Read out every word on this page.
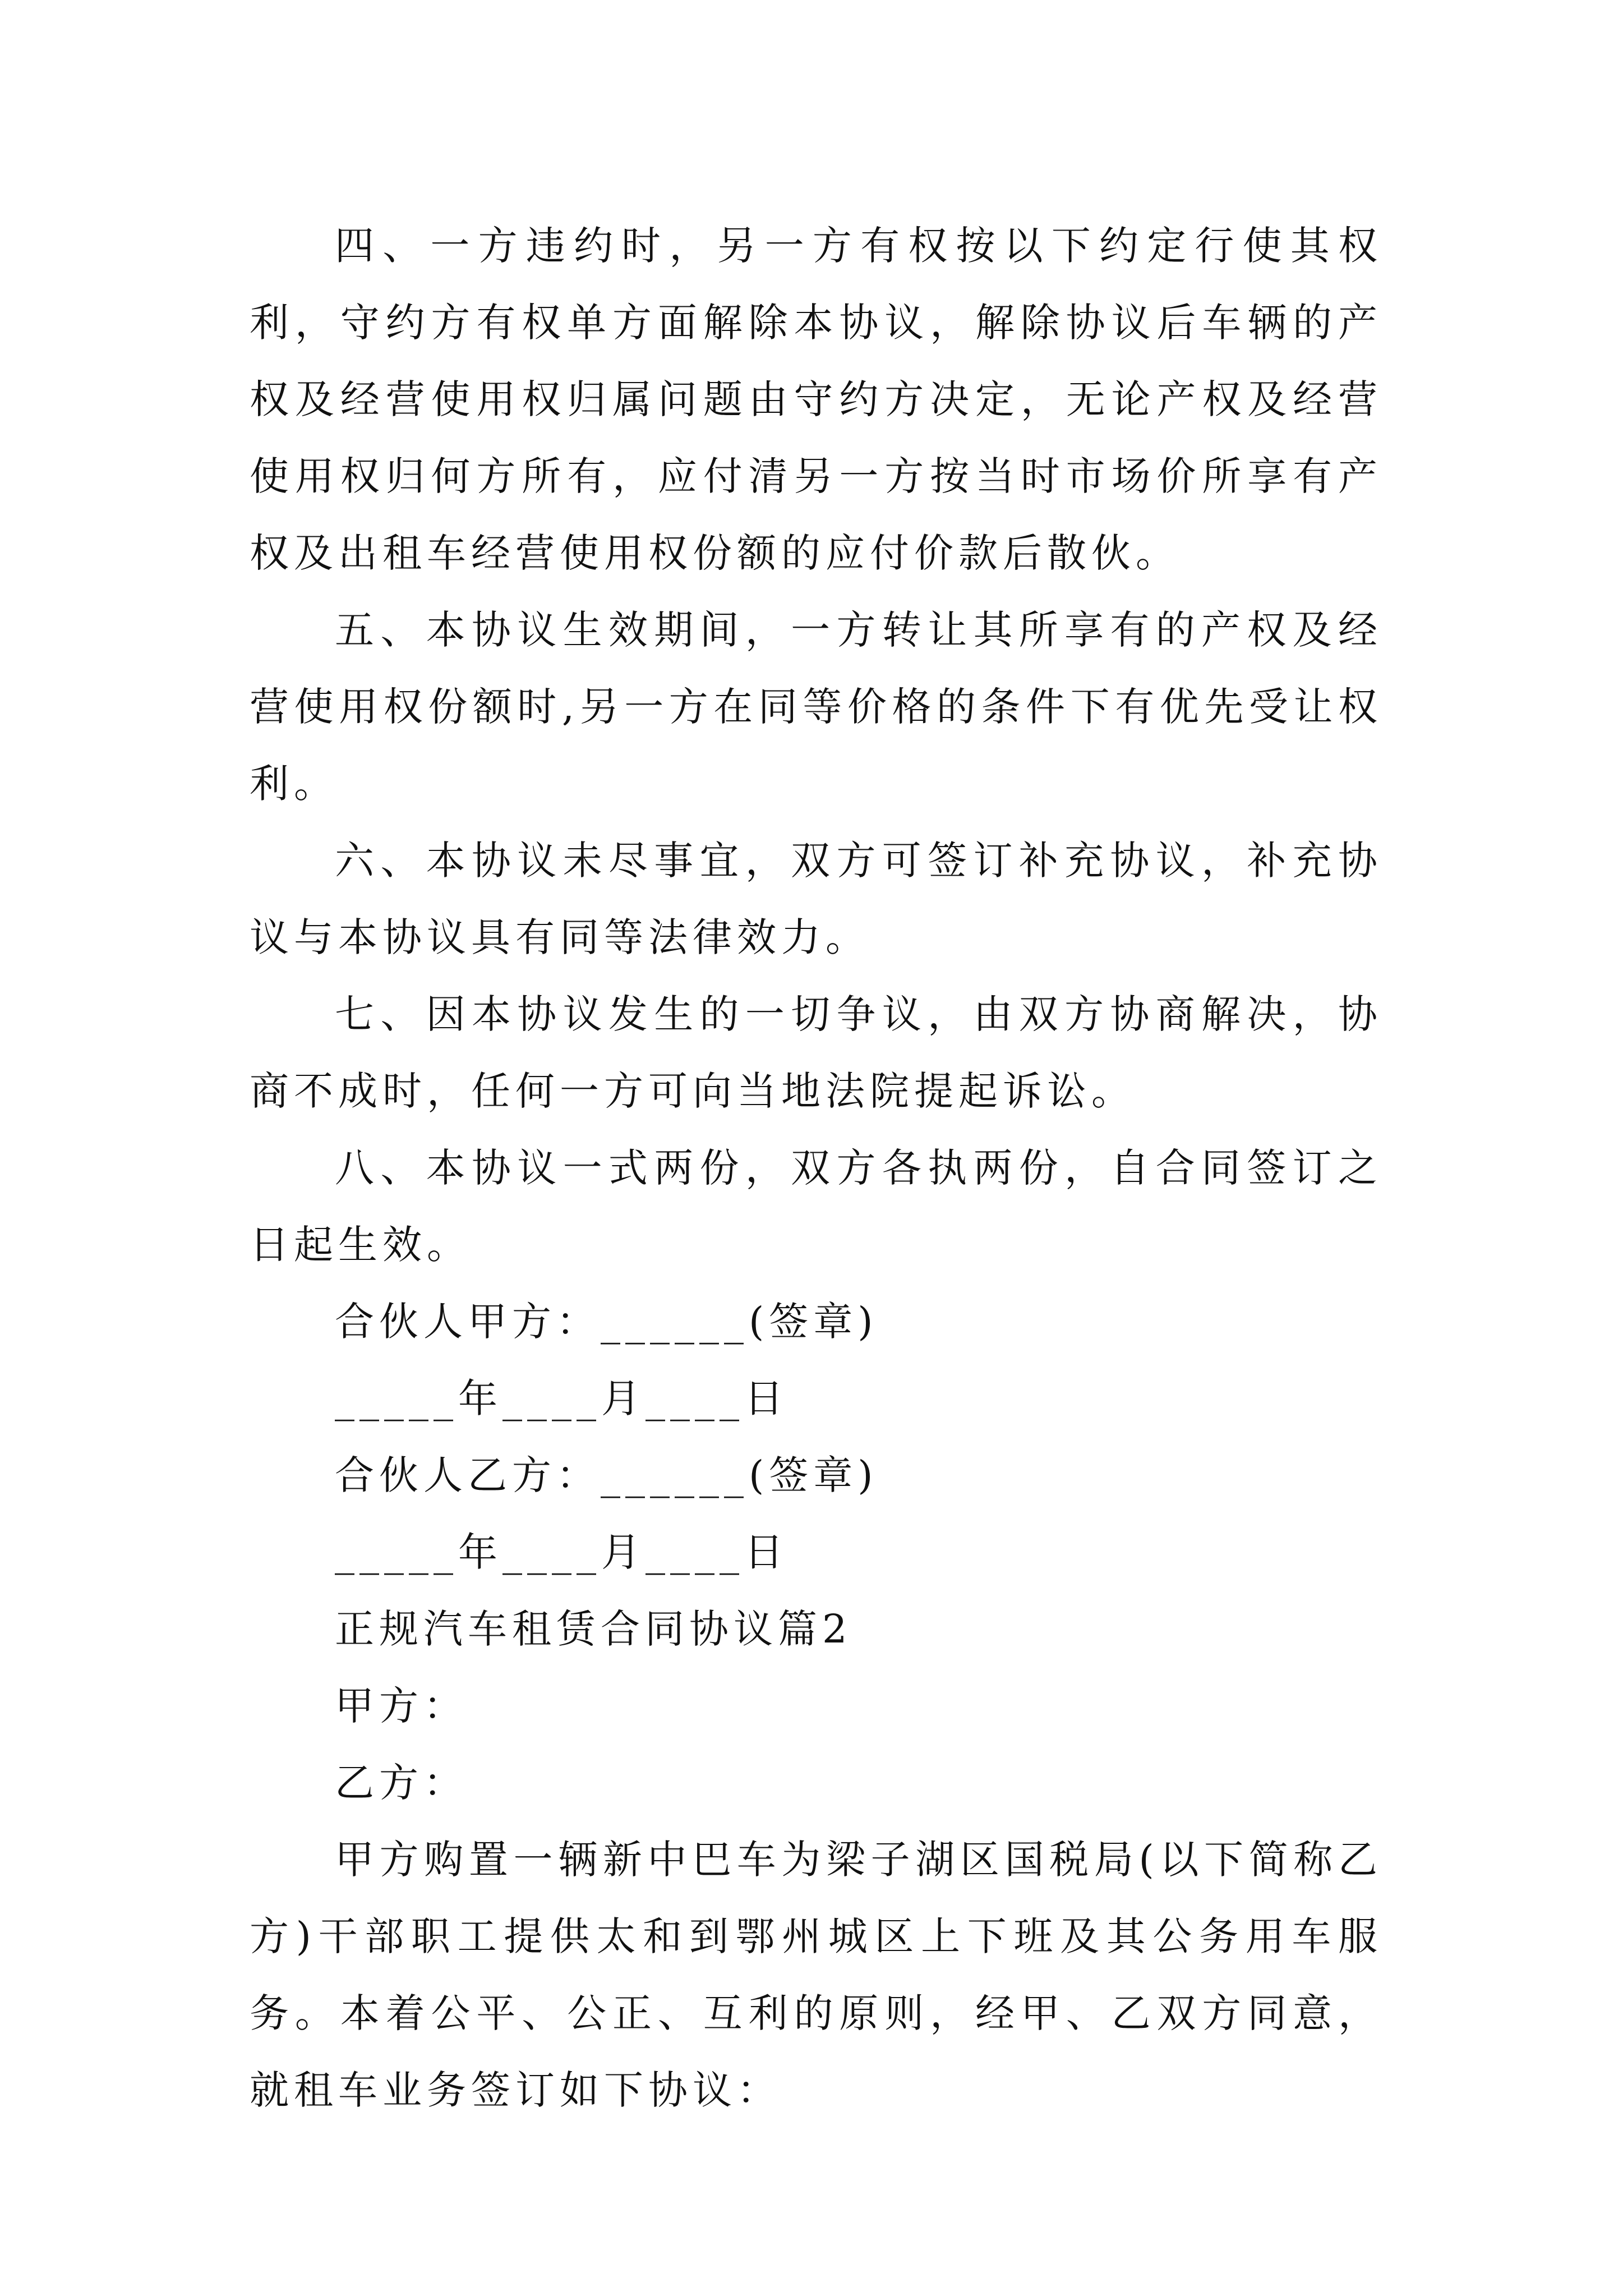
四、一方违约时，另一方有权按以下约定行使其权利，守约方有权单方面解除本协议，解除协议后车辆的产权及经营使用权归属问题由守约方决定，无论产权及经营使用权归何方所有，应付清另一方按当时市场价所享有产权及出租车经营使用权份额的应付价款后散伙。

五、本协议生效期间，一方转让其所享有的产权及经营使用权份额时,另一方在同等价格的条件下有优先受让权利。

六、本协议未尽事宜，双方可签订补充协议，补充协议与本协议具有同等法律效力。

七、因本协议发生的一切争议，由双方协商解决，协商不成时，任何一方可向当地法院提起诉讼。

八、本协议一式两份，双方各执两份，自合同签订之日起生效。

合伙人甲方：______(签章)

_____年____月____日

合伙人乙方：______(签章)

_____年____月____日

正规汽车租赁合同协议篇2

甲方：

乙方：

甲方购置一辆新中巴车为梁子湖区国税局(以下简称乙方)干部职工提供太和到鄂州城区上下班及其公务用车服务。本着公平、公正、互利的原则，经甲、乙双方同意，就租车业务签订如下协议：
